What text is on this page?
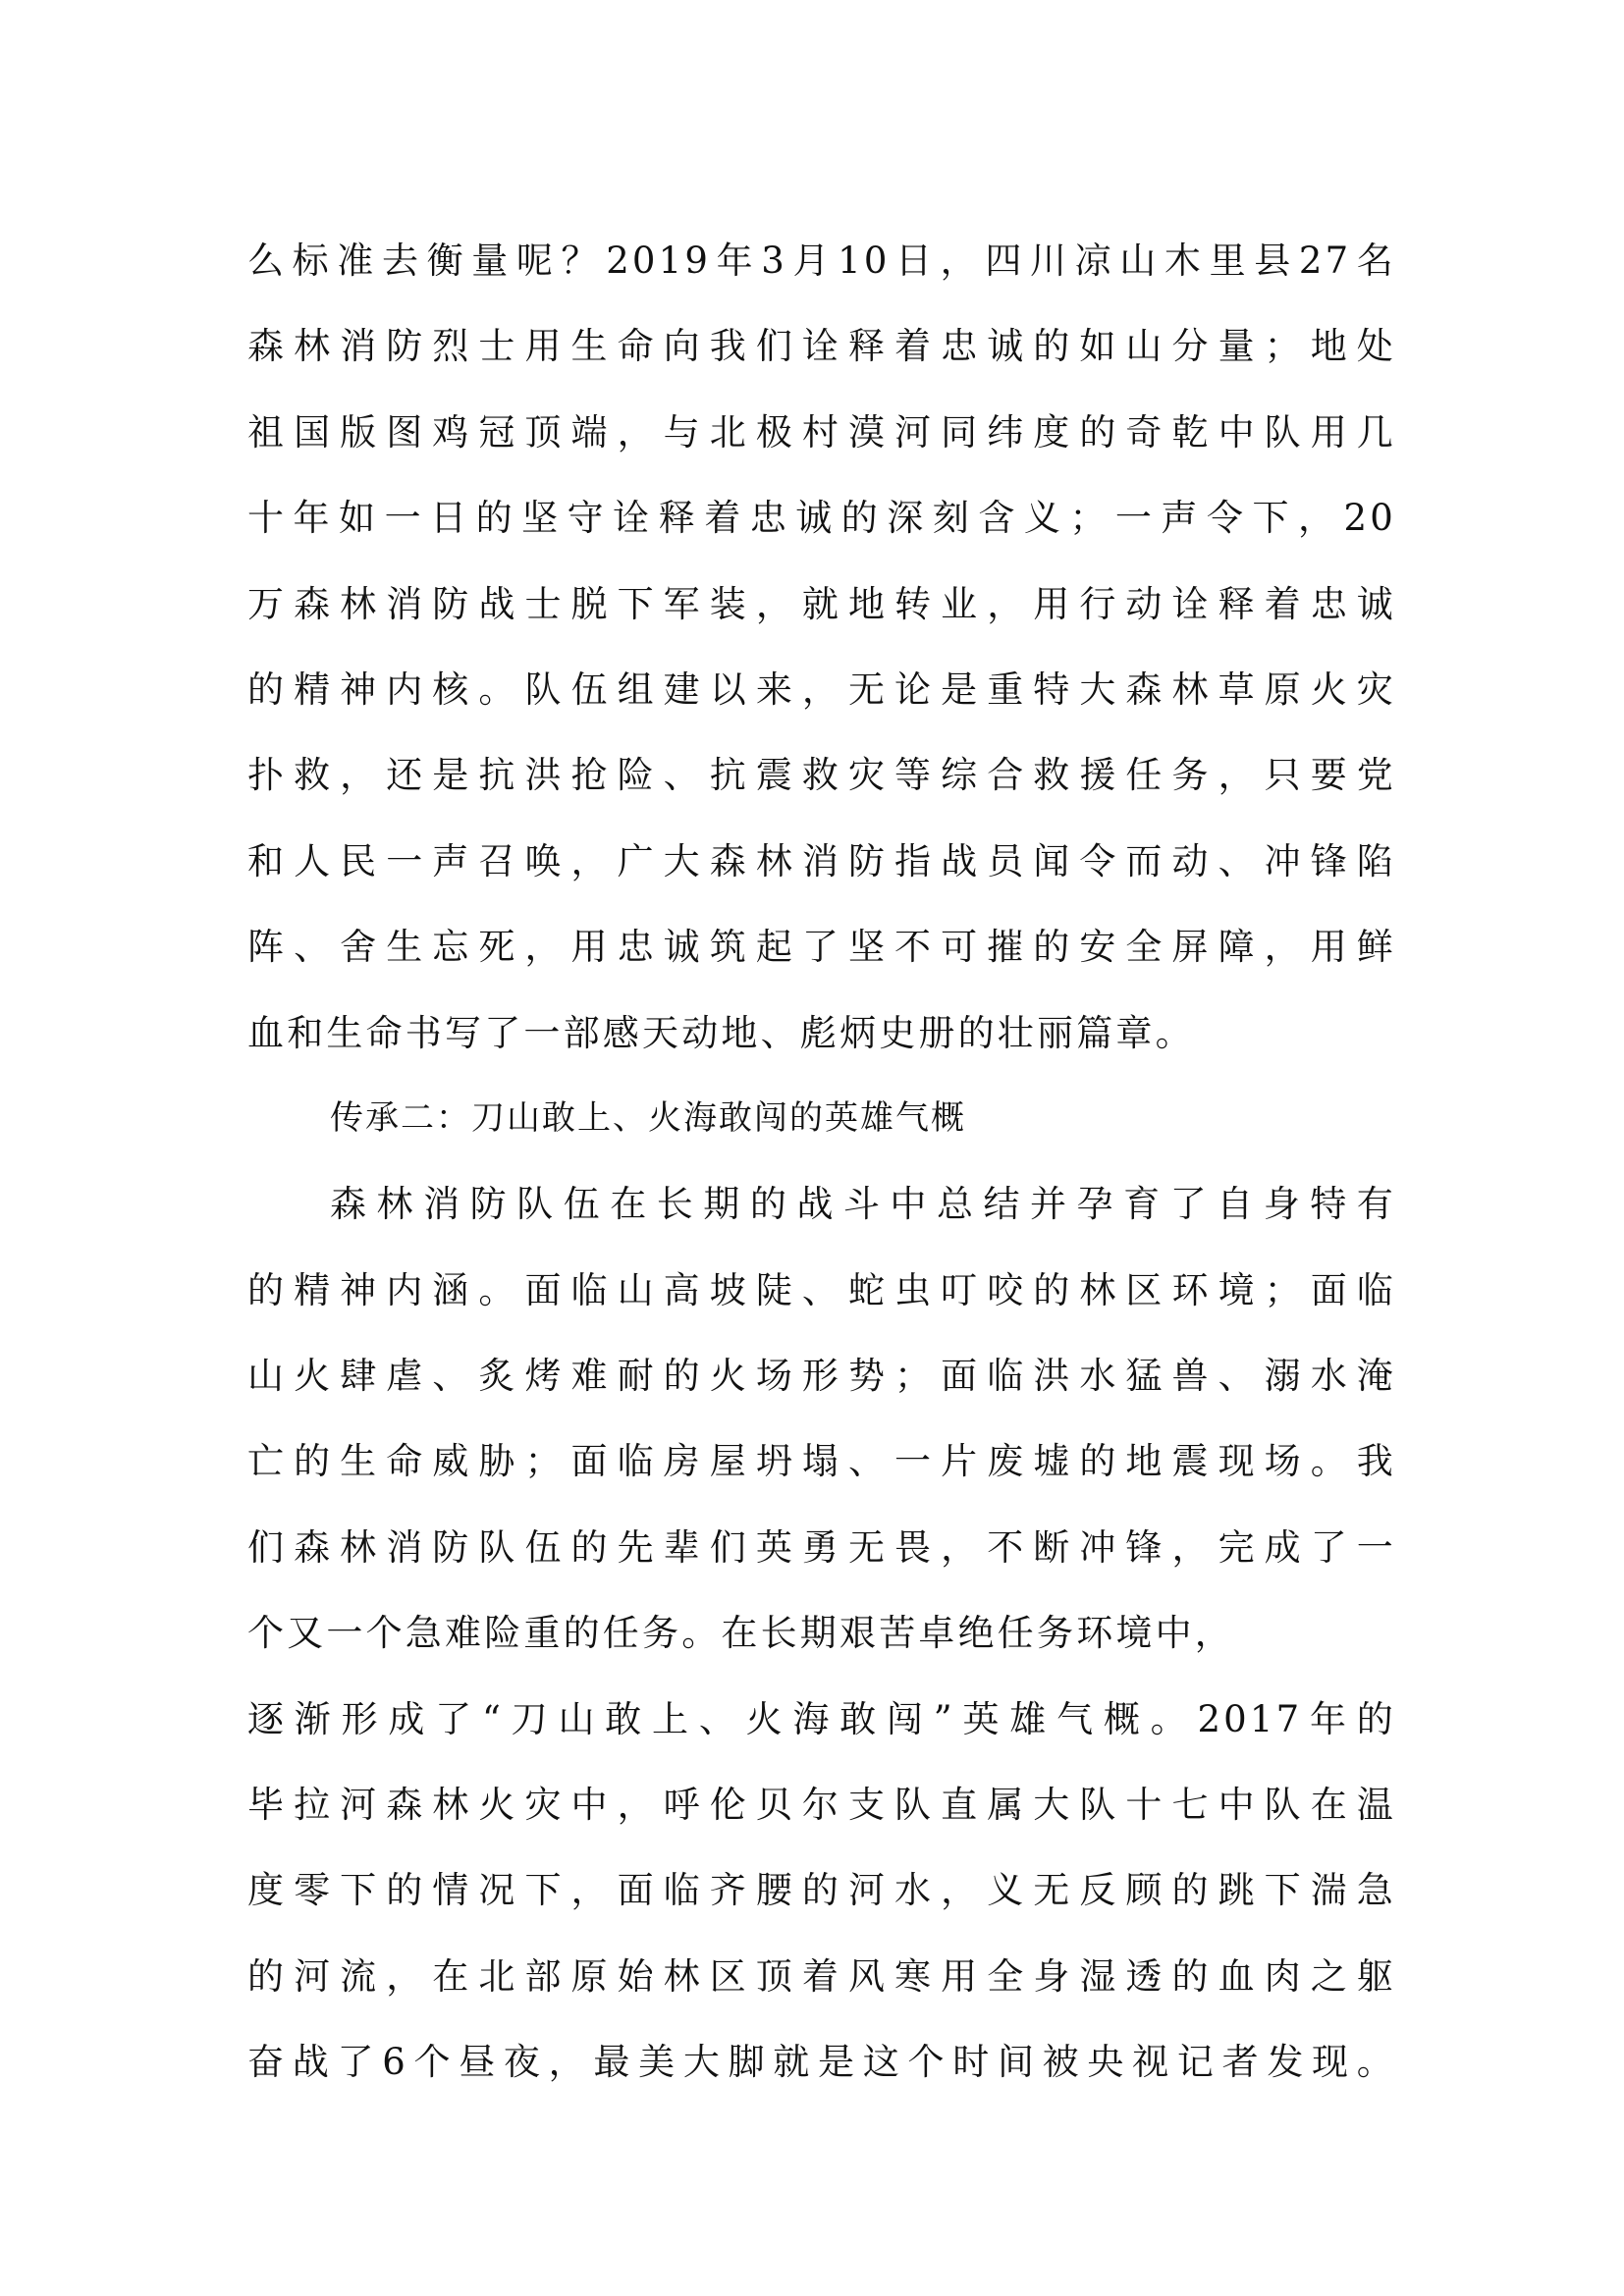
么标准去衡量呢？2019年3月10日，四川凉山木里县27名
森林消防烈士用生命向我们诠释着忠诚的如山分量；地处
祖国版图鸡冠顶端，与北极村漠河同纬度的奇乾中队用几
十年如一日的坚守诠释着忠诚的深刻含义；一声令下，20
万森林消防战士脱下军装，就地转业，用行动诠释着忠诚
的精神内核。队伍组建以来，无论是重特大森林草原火灾
扑救，还是抗洪抢险、抗震救灾等综合救援任务，只要党
和人民一声召唤，广大森林消防指战员闻令而动、冲锋陷
阵、舍生忘死，用忠诚筑起了坚不可摧的安全屏障，用鲜
血和生命书写了一部感天动地、彪炳史册的壮丽篇章。
传承二：刀山敢上、火海敢闯的英雄气概
森林消防队伍在长期的战斗中总结并孕育了自身特有
的精神内涵。面临山高坡陡、蛇虫叮咬的林区环境；面临
山火肆虐、炙烤难耐的火场形势；面临洪水猛兽、溺水淹
亡的生命威胁；面临房屋坍塌、一片废墟的地震现场。我
们森林消防队伍的先辈们英勇无畏，不断冲锋，完成了一
个又一个急难险重的任务。在长期艰苦卓绝任务环境中，
逐渐形成了“刀山敢上、火海敢闯”英雄气概。2017年的
毕拉河森林火灾中，呼伦贝尔支队直属大队十七中队在温
度零下的情况下，面临齐腰的河水，义无反顾的跳下湍急
的河流，在北部原始林区顶着风寒用全身湿透的血肉之躯
奋战了6个昼夜，最美大脚就是这个时间被央视记者发现。
